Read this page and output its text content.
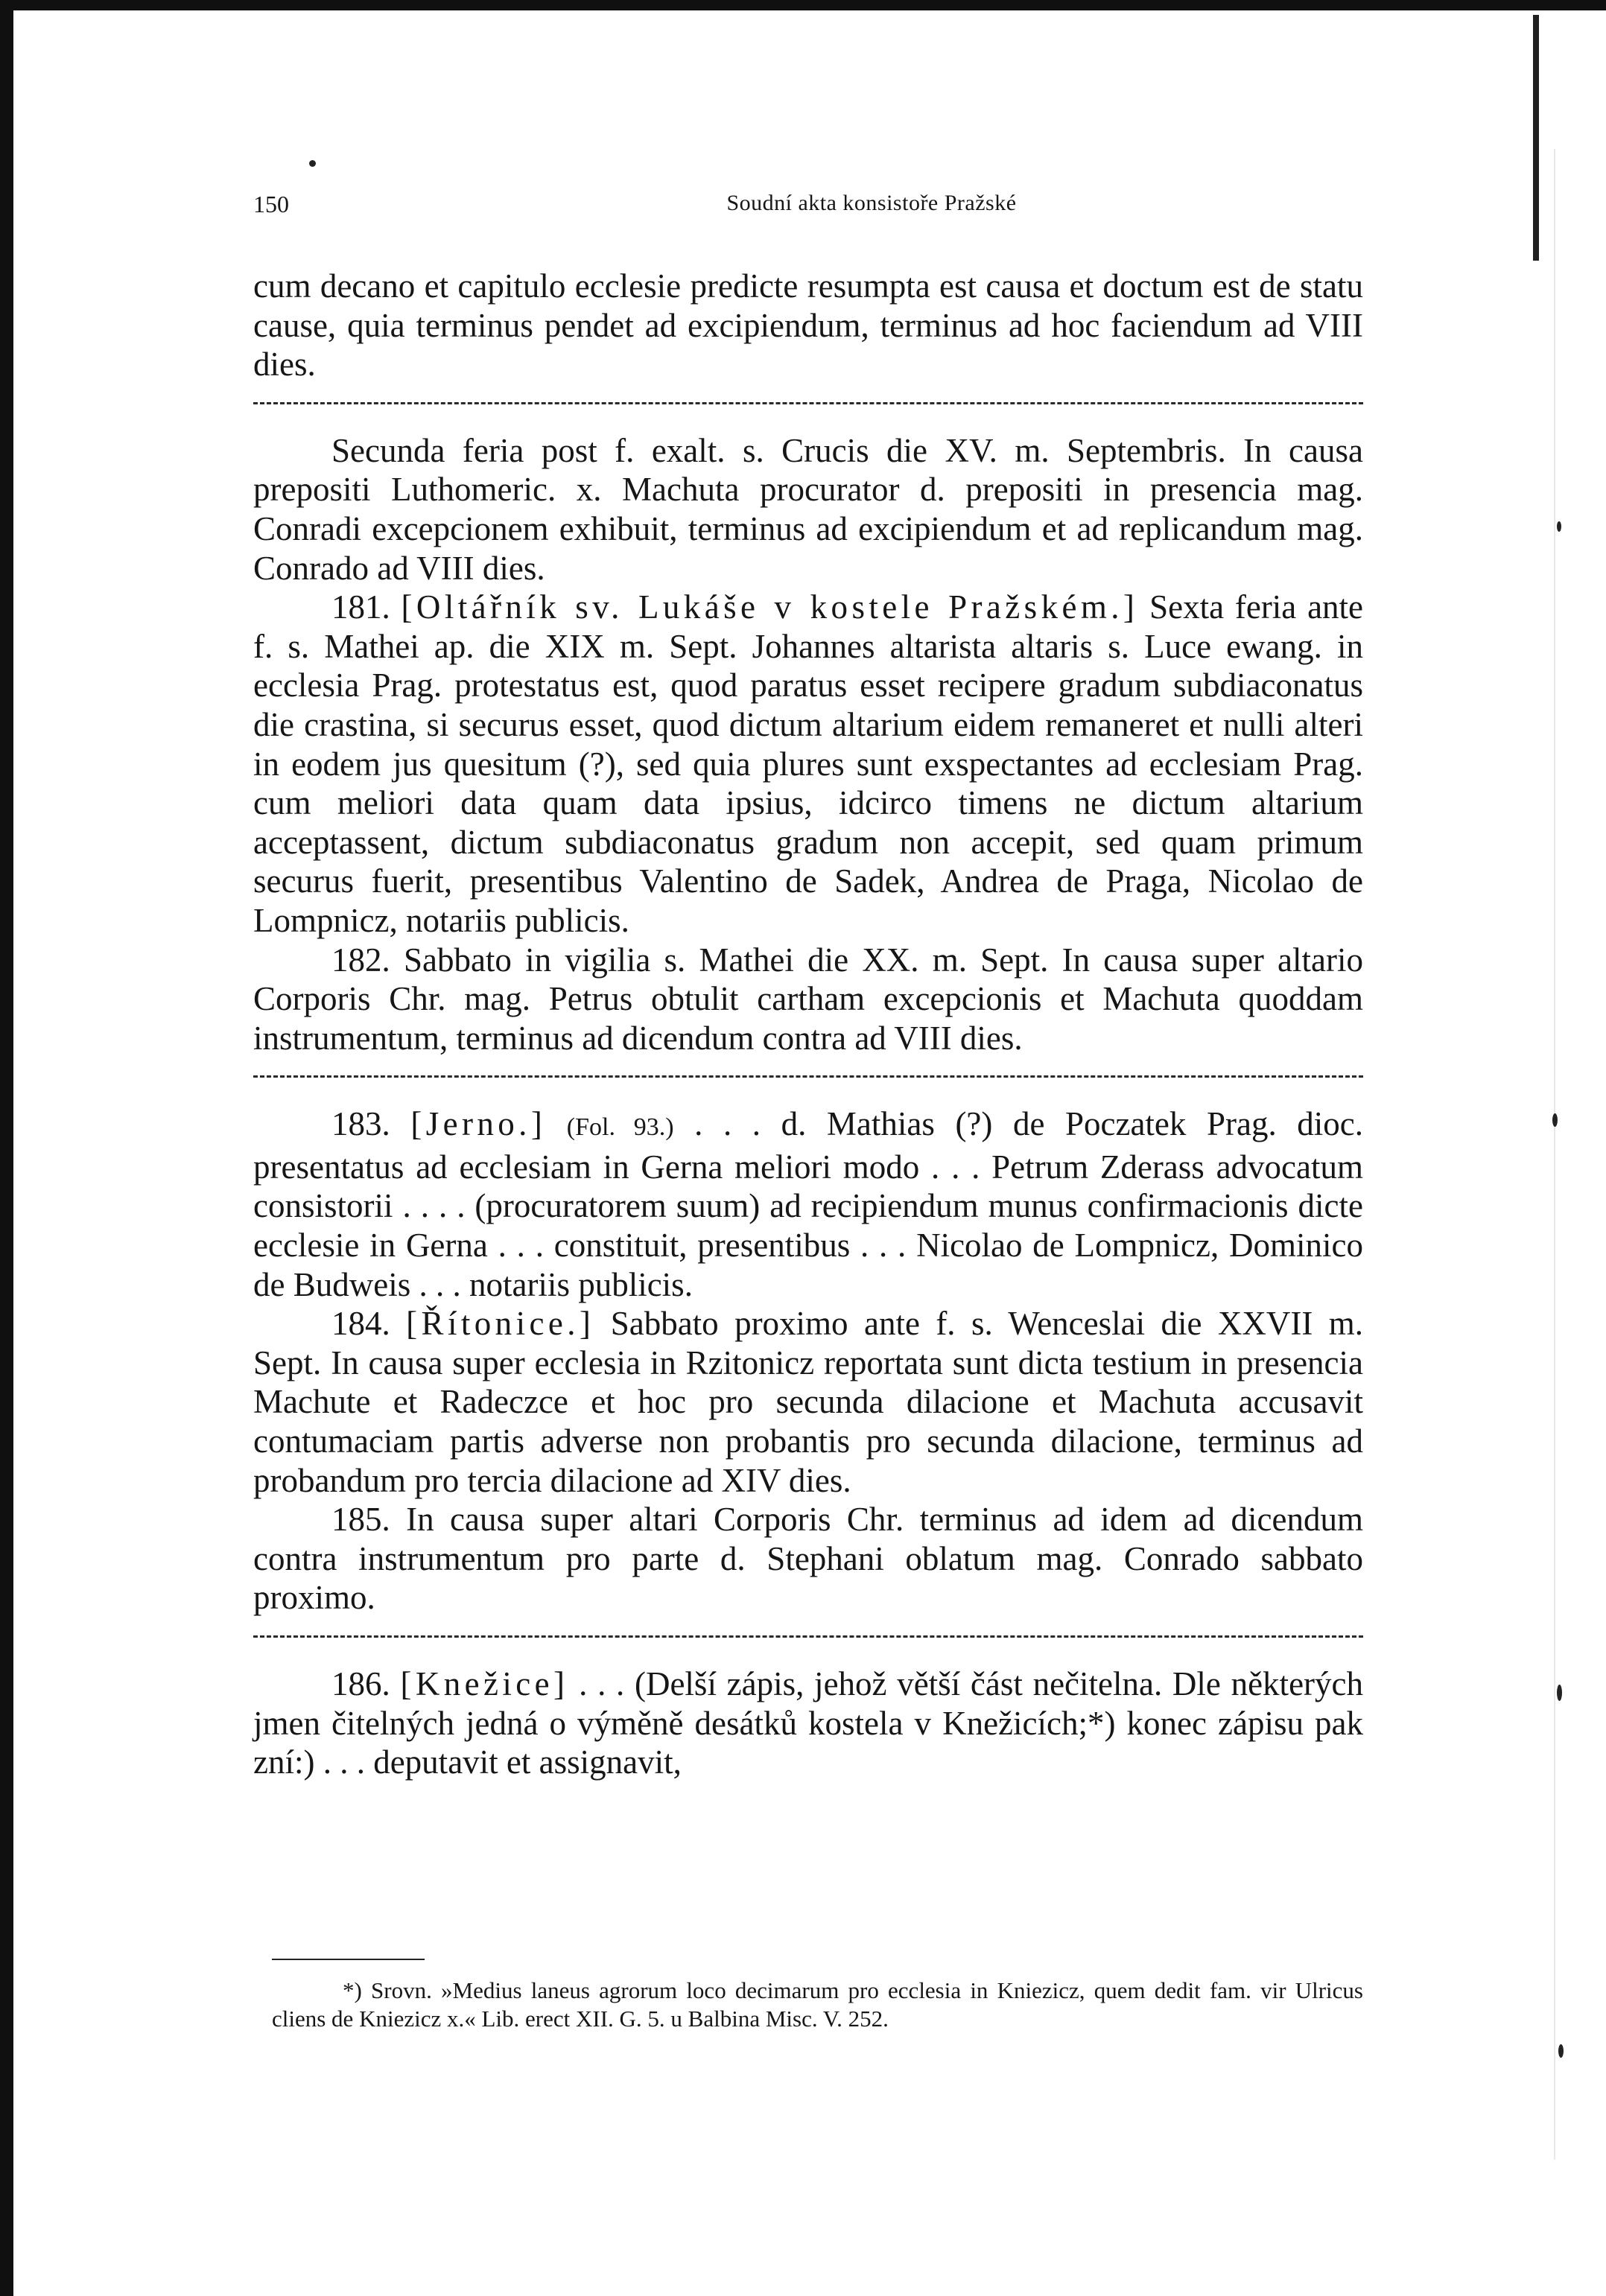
150	Soudní akta konsistoře Pražské

cum decano et capitulo ecclesie predicte resumpta est causa et doctum est de statu cause, quia terminus pendet ad excipiendum, terminus ad hoc faciendum ad VIII dies.

Secunda feria post f. exalt. s. Crucis die XV. m. Septembris. In causa prepositi Luthomeric. x. Machuta procurator d. prepositi in presencia mag. Conradi excepcionem exhibuit, terminus ad excipiendum et ad replicandum mag. Conrado ad VIII dies.

181. [Oltářník sv. Lukáše v kostele Pražském.] Sexta feria ante f. s. Mathei ap. die XIX m. Sept. Johannes altarista altaris s. Luce ewang. in ecclesia Prag. protestatus est, quod paratus esset recipere gradum subdiaconatus die crastina, si securus esset, quod dictum altarium eidem remaneret et nulli alteri in eodem jus quesitum (?), sed quia plures sunt exspectantes ad ecclesiam Prag. cum meliori data quam data ipsius, idcirco timens ne dictum altarium acceptassent, dictum subdiaconatus gradum non accepit, sed quam primum securus fuerit, presentibus Valentino de Sadek, Andrea de Praga, Nicolao de Lompnicz, notariis publicis.

182. Sabbato in vigilia s. Mathei die XX. m. Sept. In causa super altario Corporis Chr. mag. Petrus obtulit cartham excepcionis et Machuta quoddam instrumentum, terminus ad dicendum contra ad VIII dies.

183. [Jerno.] (Fol. 93.) . . . d. Mathias (?) de Poczatek Prag. dioc. presentatus ad ecclesiam in Gerna meliori modo . . . Petrum Zderass advocatum consistorii . . . . (procuratorem suum) ad recipiendum munus confirmacionis dicte ecclesie in Gerna . . . constituit, presentibus . . . Nicolao de Lompnicz, Dominico de Budweis . . . notariis publicis.

184. [Řítonice.] Sabbato proximo ante f. s. Wenceslai die XXVII m. Sept. In causa super ecclesia in Rzitonicz reportata sunt dicta testium in presencia Machute et Radeczce et hoc pro secunda dilacione et Machuta accusavit contumaciam partis adverse non probantis pro secunda dilacione, terminus ad probandum pro tercia dilacione ad XIV dies.

185. In causa super altari Corporis Chr. terminus ad idem ad dicendum contra instrumentum pro parte d. Stephani oblatum mag. Conrado sabbato proximo.

186. [Knežice] . . . (Delší zápis, jehož větší část nečitelna. Dle některých jmen čitelných jedná o výměně desátků kostela v Knežicích;*) konec zápisu pak zní:) . . . deputavit et assignavit,

*) Srovn. »Medius laneus agrorum loco decimarum pro ecclesia in Kniezicz, quem dedit fam. vir Ulricus cliens de Kniezicz x.« Lib. erect XII. G. 5. u Balbina Misc. V. 252.
